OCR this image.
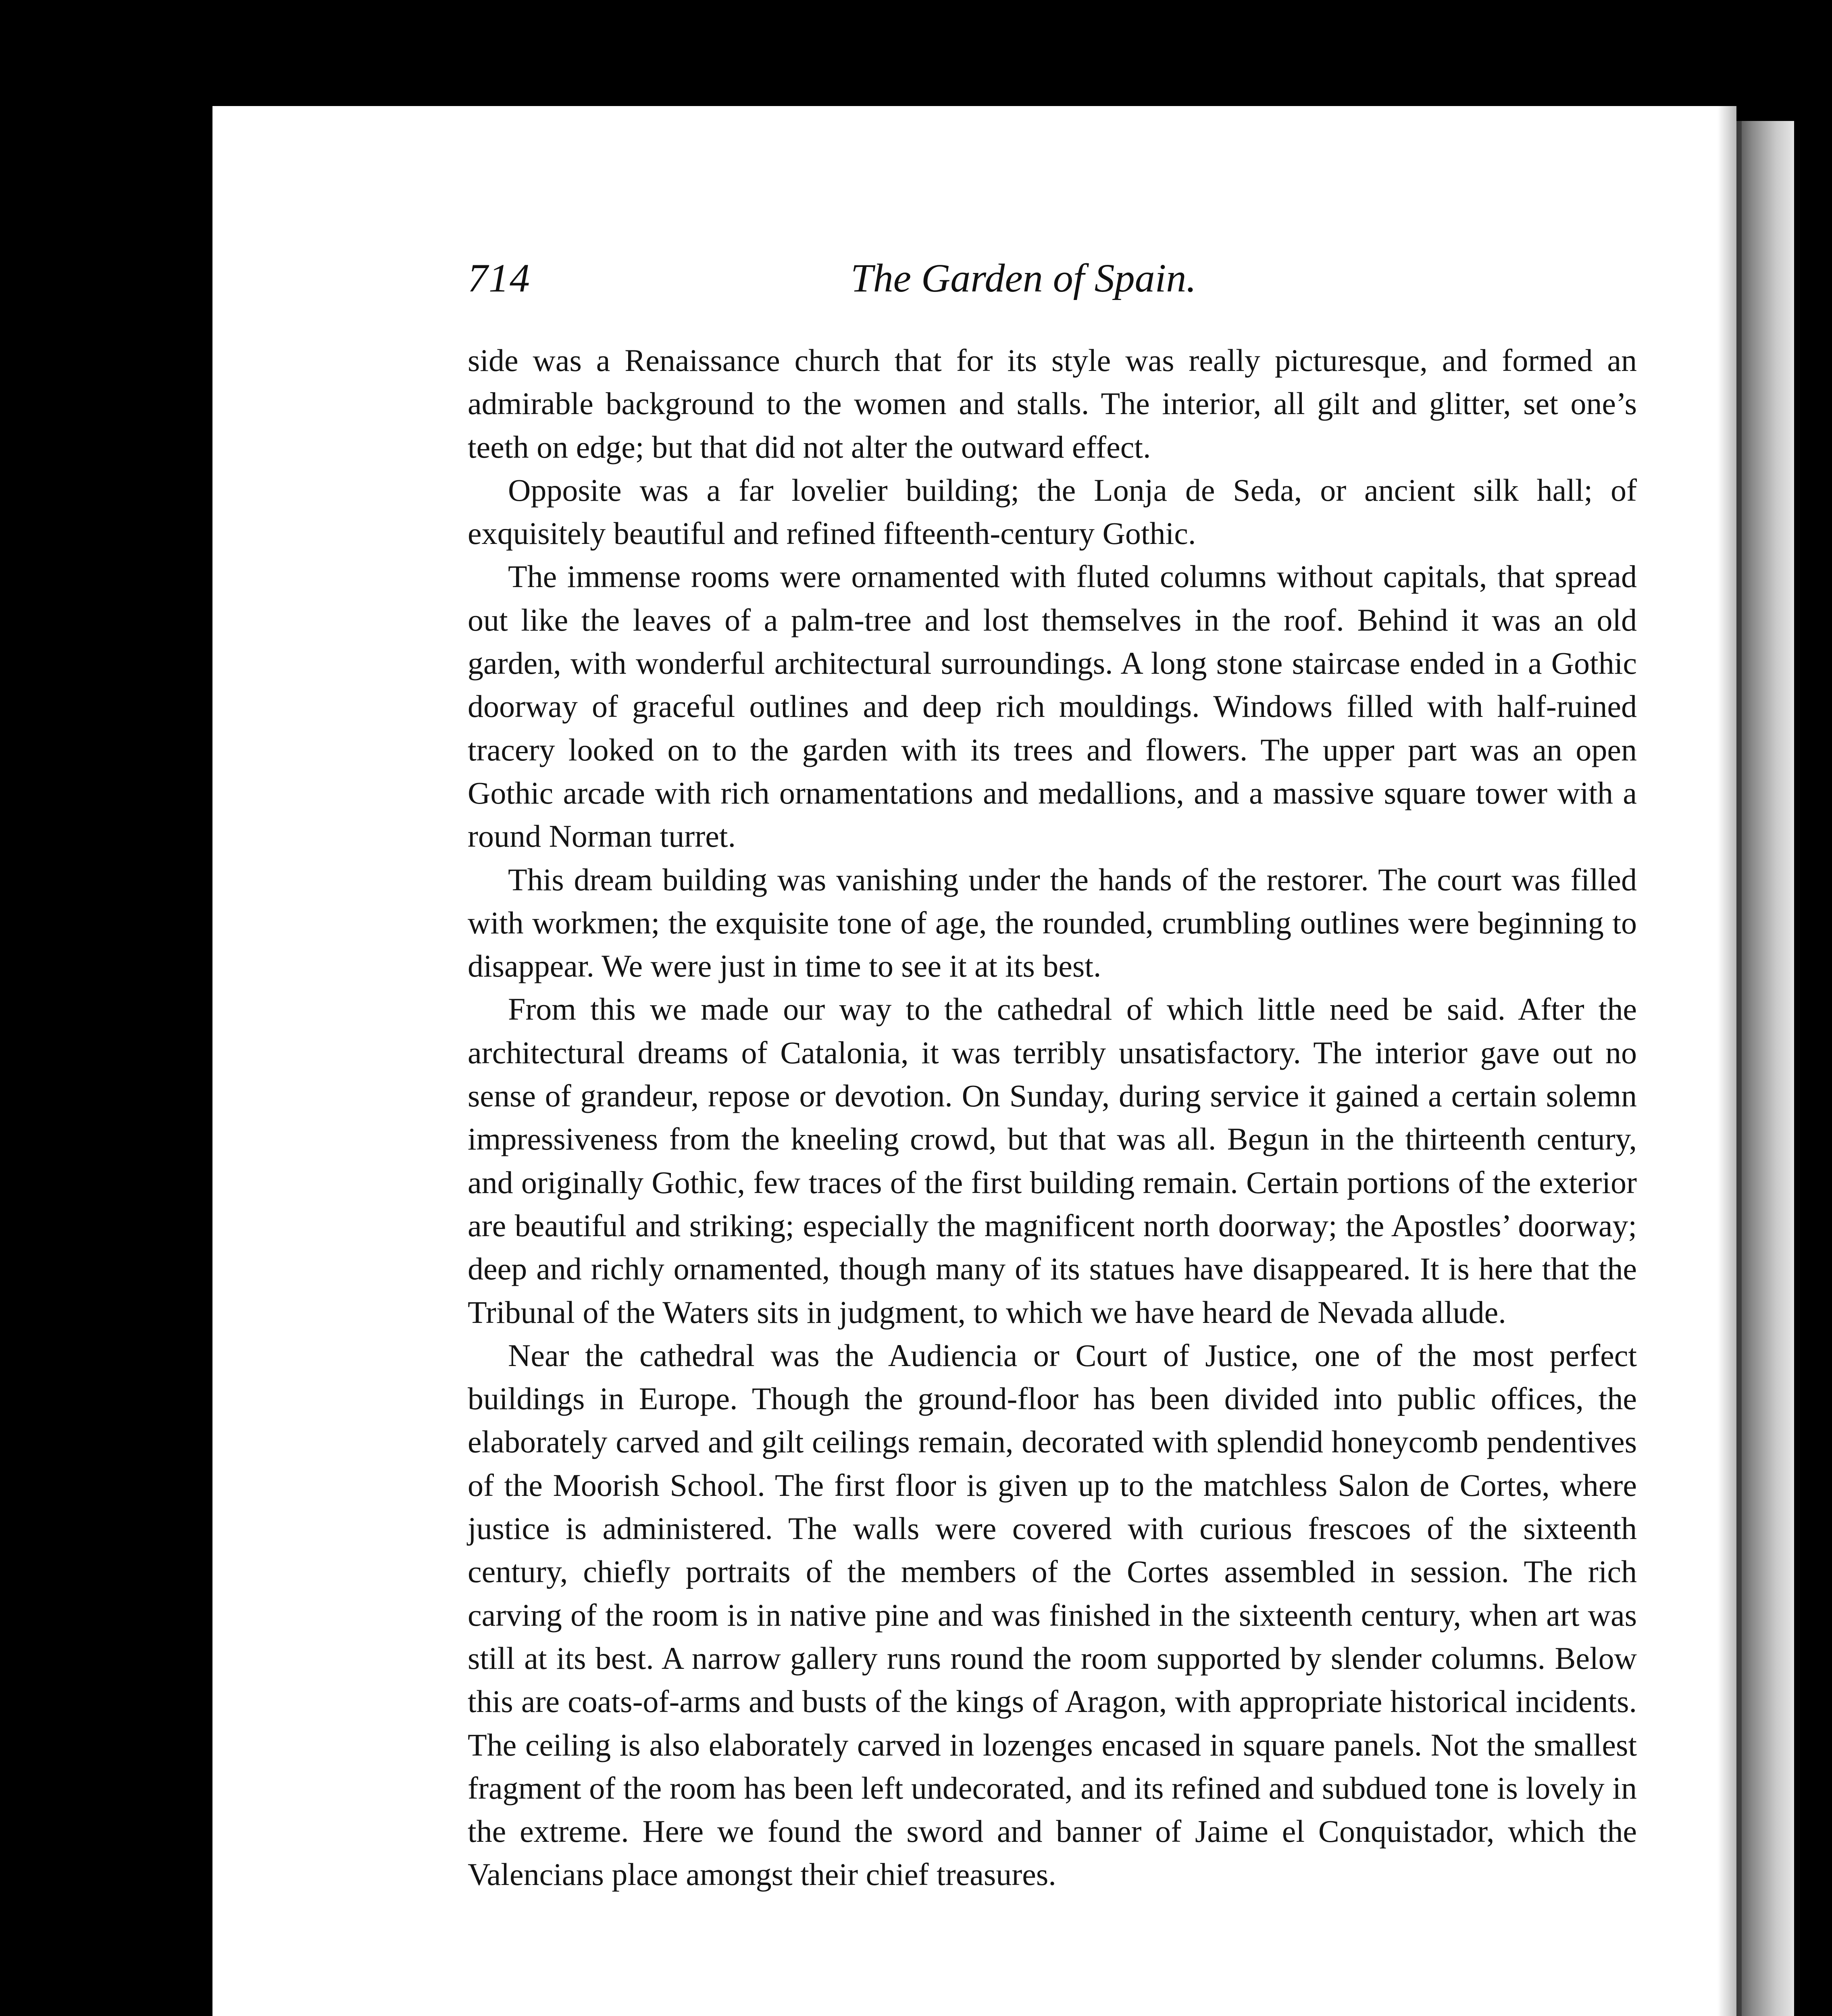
714	The Garden of Spain.

side was a Renaissance church that for its style was really picturesque, and formed an admirable background to the women and stalls. The interior, all gilt and glitter, set one’s teeth on edge; but that did not alter the outward effect.

Opposite was a far lovelier building; the Lonja de Seda, or ancient silk hall; of exquisitely beautiful and refined fifteenth-century Gothic.

The immense rooms were ornamented with fluted columns without capitals, that spread out like the leaves of a palm-tree and lost themselves in the roof. Behind it was an old garden, with wonderful architectural surroundings. A long stone staircase ended in a Gothic doorway of graceful outlines and deep rich mouldings. Windows filled with half-ruined tracery looked on to the garden with its trees and flowers. The upper part was an open Gothic arcade with rich ornamentations and medallions, and a massive square tower with a round Norman turret.

This dream building was vanishing under the hands of the restorer. The court was filled with workmen; the exquisite tone of age, the rounded, crumbling outlines were beginning to disappear. We were just in time to see it at its best.

From this we made our way to the cathedral of which little need be said. After the architectural dreams of Catalonia, it was terribly unsatisfactory. The interior gave out no sense of grandeur, repose or devotion. On Sunday, during service it gained a certain solemn impressiveness from the kneeling crowd, but that was all. Begun in the thirteenth century, and originally Gothic, few traces of the first building remain. Certain portions of the exterior are beautiful and striking; especially the magnificent north doorway; the Apostles’ doorway; deep and richly ornamented, though many of its statues have disappeared. It is here that the Tribunal of the Waters sits in judgment, to which we have heard de Nevada allude.

Near the cathedral was the Audiencia or Court of Justice, one of the most perfect buildings in Europe. Though the ground-floor has been divided into public offices, the elaborately carved and gilt ceilings remain, decorated with splendid honeycomb pendentives of the Moorish School. The first floor is given up to the matchless Salon de Cortes, where justice is administered. The walls were covered with curious frescoes of the sixteenth century, chiefly portraits of the members of the Cortes assembled in session. The rich carving of the room is in native pine and was finished in the sixteenth century, when art was still at its best. A narrow gallery runs round the room supported by slender columns. Below this are coats-of-arms and busts of the kings of Aragon, with appropriate historical incidents. The ceiling is also elaborately carved in lozenges encased in square panels. Not the smallest fragment of the room has been left undecorated, and its refined and subdued tone is lovely in the extreme. Here we found the sword and banner of Jaime el Conquistador, which the Valencians place amongst their chief treasures.
